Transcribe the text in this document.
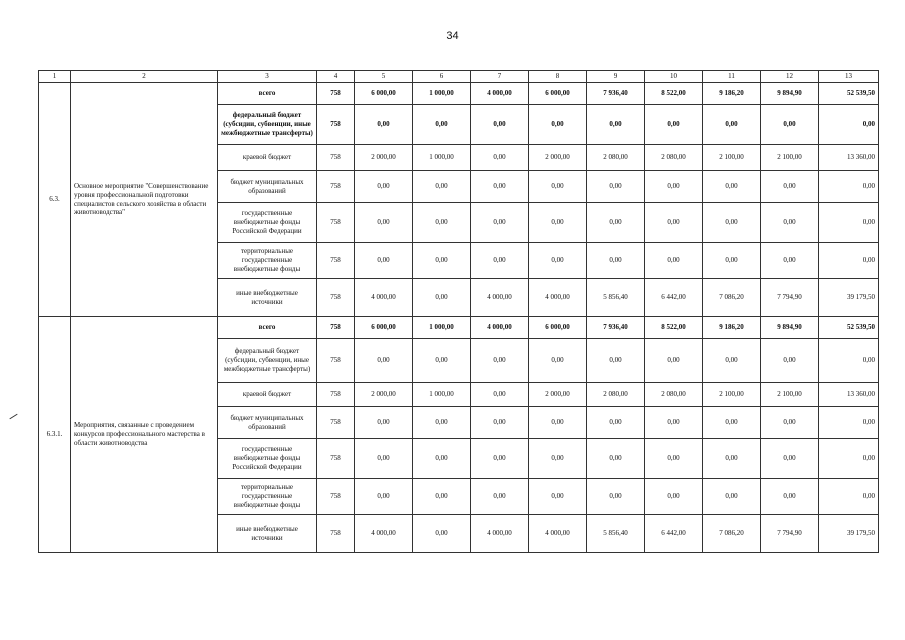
34
1	2	3	4	5	6	7	8	9	10	11	12	13
6.3.	Основное мероприятие "Совершенствование уровня профессиональной подготовки специалистов сельского хозяйства в области животноводства"	всего	758	6 000,00	1 000,00	4 000,00	6 000,00	7 936,40	8 522,00	9 186,20	9 894,90	52 539,50
		федеральный бюджет (субсидии, субвенции, иные межбюджетные трансферты)	758	0,00	0,00	0,00	0,00	0,00	0,00	0,00	0,00	0,00
		краевой бюджет	758	2 000,00	1 000,00	0,00	2 000,00	2 080,00	2 080,00	2 100,00	2 100,00	13 360,00
		бюджет муниципальных образований	758	0,00	0,00	0,00	0,00	0,00	0,00	0,00	0,00	0,00
		государственные внебюджетные фонды Российской Федерации	758	0,00	0,00	0,00	0,00	0,00	0,00	0,00	0,00	0,00
		территориальные государственные внебюджетные фонды	758	0,00	0,00	0,00	0,00	0,00	0,00	0,00	0,00	0,00
		иные внебюджетные источники	758	4 000,00	0,00	4 000,00	4 000,00	5 856,40	6 442,00	7 086,20	7 794,90	39 179,50
6.3.1.	Мероприятия, связанные с проведением конкурсов профессионального мастерства в области животноводства	всего	758	6 000,00	1 000,00	4 000,00	6 000,00	7 936,40	8 522,00	9 186,20	9 894,90	52 539,50
		федеральный бюджет (субсидии, субвенции, иные межбюджетные трансферты)	758	0,00	0,00	0,00	0,00	0,00	0,00	0,00	0,00	0,00
		краевой бюджет	758	2 000,00	1 000,00	0,00	2 000,00	2 080,00	2 080,00	2 100,00	2 100,00	13 360,00
		бюджет муниципальных образований	758	0,00	0,00	0,00	0,00	0,00	0,00	0,00	0,00	0,00
		государственные внебюджетные фонды Российской Федерации	758	0,00	0,00	0,00	0,00	0,00	0,00	0,00	0,00	0,00
		территориальные государственные внебюджетные фонды	758	0,00	0,00	0,00	0,00	0,00	0,00	0,00	0,00	0,00
		иные внебюджетные источники	758	4 000,00	0,00	4 000,00	4 000,00	5 856,40	6 442,00	7 086,20	7 794,90	39 179,50
